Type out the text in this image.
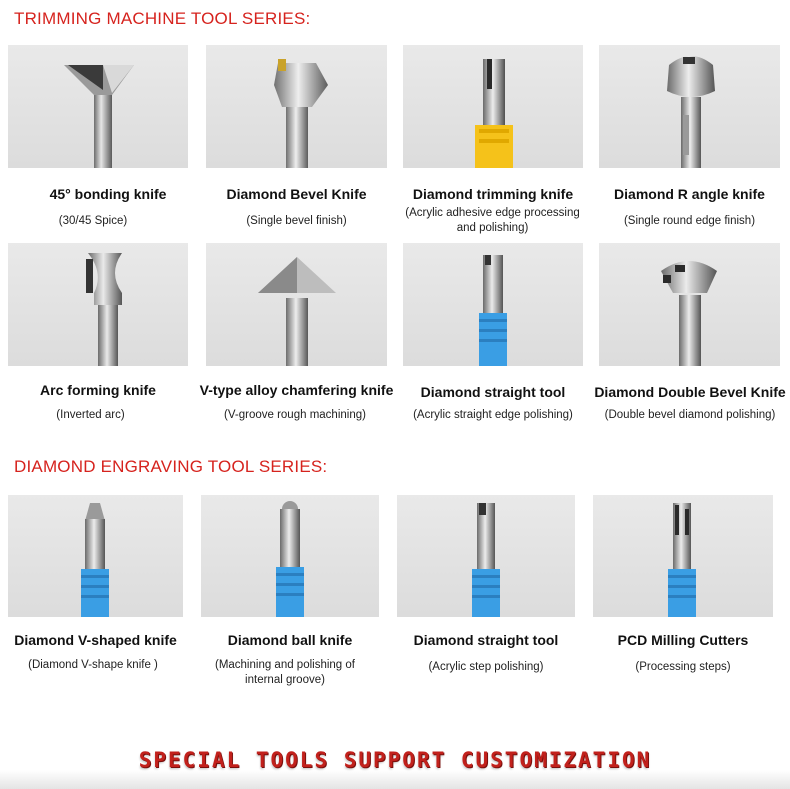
TRIMMING MACHINE TOOL SERIES:
DIAMOND ENGRAVING TOOL SERIES:
45° bonding knife
(30/45 Spice)
Diamond Bevel Knife
(Single bevel finish)
Diamond trimming knife
(Acrylic adhesive edge processing and polishing)
Diamond R angle knife
(Single round edge finish)
Arc forming knife
(Inverted arc)
V-type alloy chamfering knife
(V-groove rough machining)
Diamond straight tool
(Acrylic straight edge polishing)
Diamond Double Bevel Knife
(Double bevel diamond polishing)
Diamond V-shaped knife
(Diamond V-shape knife )
Diamond ball knife
(Machining and polishing of internal groove)
Diamond straight tool
(Acrylic step polishing)
PCD Milling Cutters
(Processing steps)
SPECIAL TOOLS SUPPORT CUSTOMIZATION
